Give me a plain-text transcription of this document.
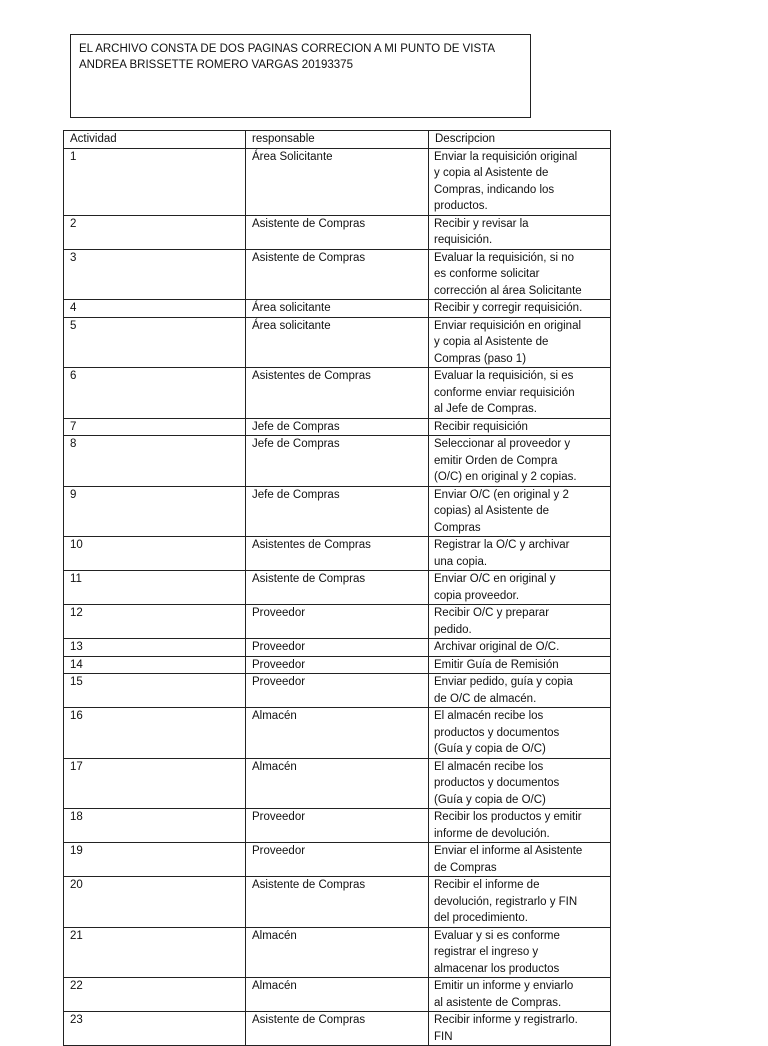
EL ARCHIVO CONSTA DE DOS PAGINAS CORRECION A MI PUNTO DE VISTA
ANDREA BRISSETTE ROMERO VARGAS 20193375
Actividad	responsable	Descripcion
1	Área Solicitante	Enviar la requisición original
y copia al Asistente de
Compras, indicando los
productos.

2	Asistente de Compras	Recibir y revisar la
requisición.

3	Asistente de Compras	Evaluar la requisición, si no
es conforme solicitar
corrección al área Solicitante

4	Área solicitante	Recibir y corregir requisición.

5	Área solicitante	Enviar requisición en original
y copia al Asistente de
Compras (paso 1)

6	Asistentes de Compras	Evaluar la requisición, si es
conforme enviar requisición
al Jefe de Compras.

7	Jefe de Compras	Recibir requisición

8	Jefe de Compras	Seleccionar al proveedor y
emitir Orden de Compra
(O/C) en original y 2 copias.

9	Jefe de Compras	Enviar O/C (en original y 2
copias) al Asistente de
Compras

10	Asistentes de Compras	Registrar la O/C y archivar
una copia.

11	Asistente de Compras	Enviar O/C en original y
copia proveedor.

12	Proveedor	Recibir O/C y preparar
pedido.

13	Proveedor	Archivar original de O/C.

14	Proveedor	Emitir Guía de Remisión

15	Proveedor	Enviar pedido, guía y copia
de O/C de almacén.

16	Almacén	El almacén recibe los
productos y documentos
(Guía y copia de O/C)

17	Almacén	El almacén recibe los
productos y documentos
(Guía y copia de O/C)

18	Proveedor	Recibir los productos y emitir
informe de devolución.

19	Proveedor	Enviar el informe al Asistente
de Compras

20	Asistente de Compras	Recibir el informe de
devolución, registrarlo y FIN
del procedimiento.

21	Almacén	Evaluar y si es conforme
registrar el ingreso y
almacenar los productos

22	Almacén	Emitir un informe y enviarlo
al asistente de Compras.

23	Asistente de Compras	Recibir informe y registrarlo.
FIN
